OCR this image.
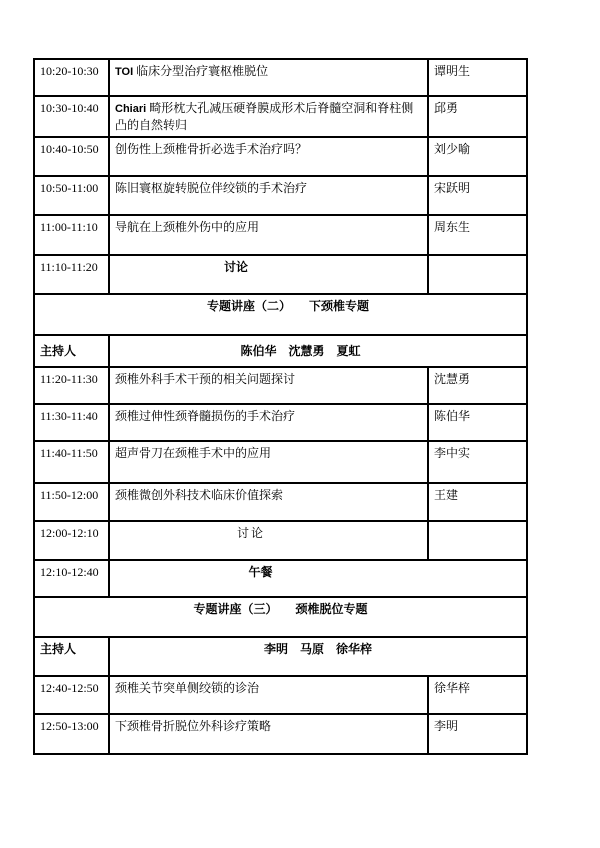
10:20-10:30	TOI 临床分型治疗寰枢椎脱位	谭明生
10:30-10:40	Chiari 畸形枕大孔减压硬脊膜成形术后脊髓空洞和脊柱侧凸的自然转归	邱勇
10:40-10:50	创伤性上颈椎骨折必选手术治疗吗？	刘少喻
10:50-11:00	陈旧寰枢旋转脱位伴绞锁的手术治疗	宋跃明
11:00-11:10	导航在上颈椎外伤中的应用	周东生
11:10-11:20	讨论	
专题讲座（二）　　下颈椎专题		
主持人	陈伯华　沈慧勇　夏虹	
11:20-11:30	颈椎外科手术干预的相关问题探讨	沈慧勇
11:30-11:40	颈椎过伸性颈脊髓损伤的手术治疗	陈伯华
11:40-11:50	超声骨刀在颈椎手术中的应用	李中实
11:50-12:00	颈椎微创外科技术临床价值探索	王建
12:00-12:10	讨论	
12:10-12:40	午餐	
专题讲座（三）　　颈椎脱位专题		
主持人	李明　马原　徐华梓	
12:40-12:50	颈椎关节突单侧绞锁的诊治	徐华梓
12:50-13:00	下颈椎骨折脱位外科诊疗策略	李明
